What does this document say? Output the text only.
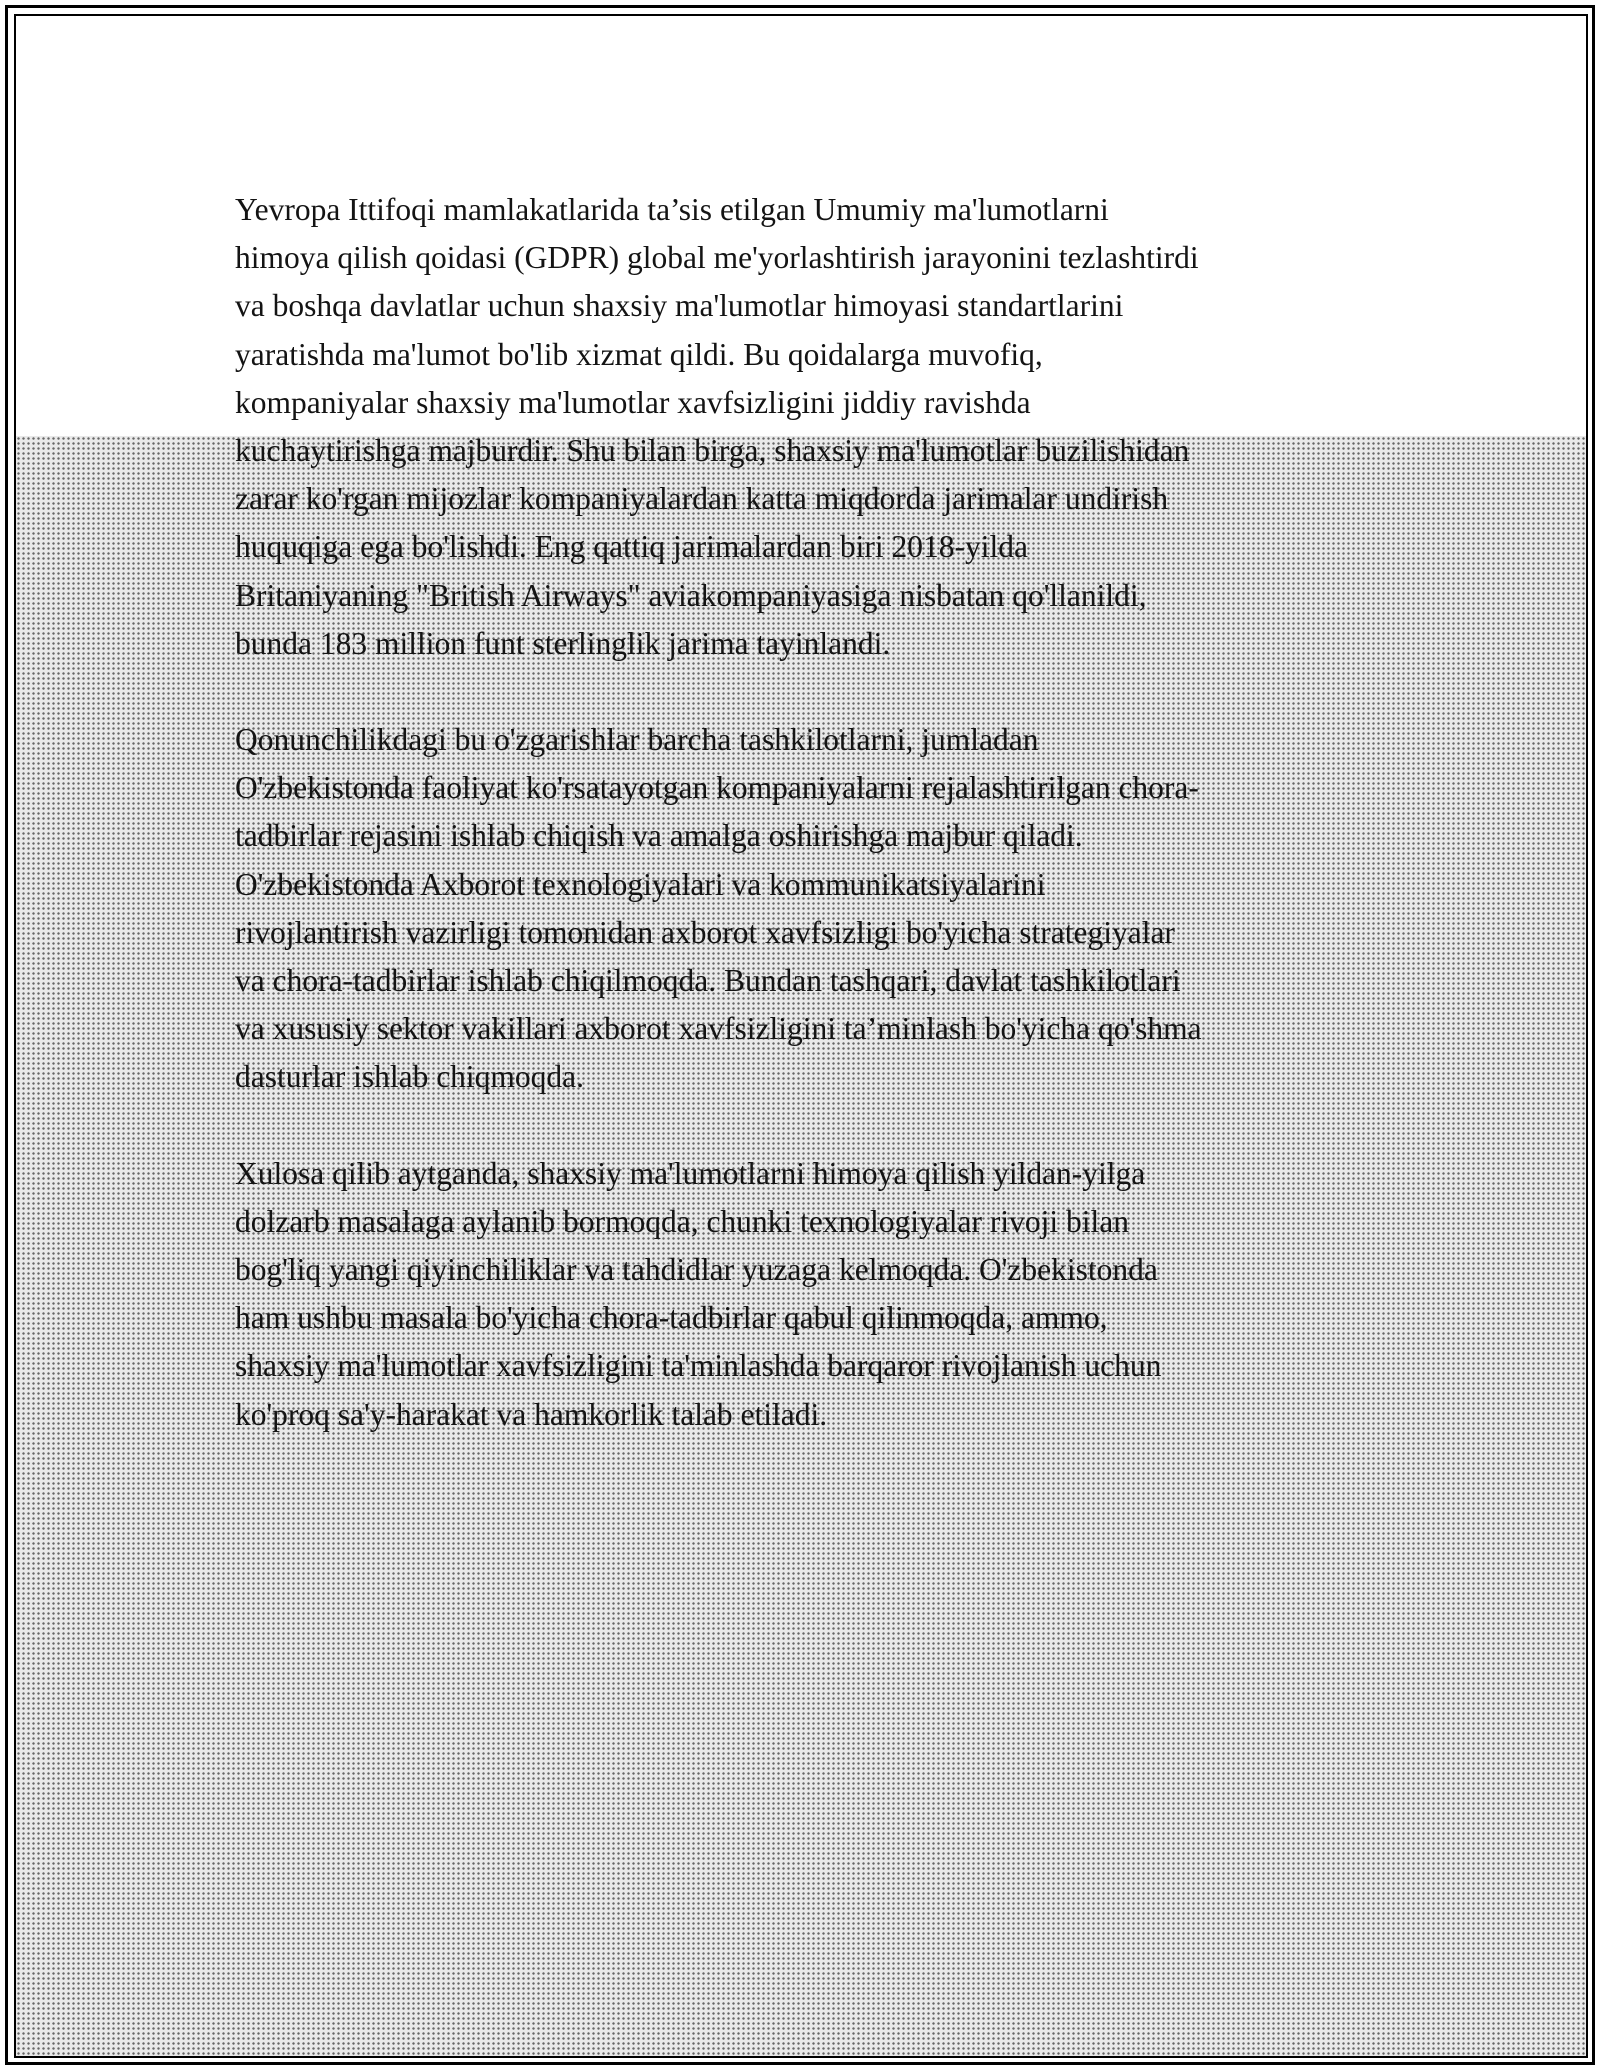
Yevropa Ittifoqi mamlakatlarida ta’sis etilgan Umumiy ma'lumotlarni
himoya qilish qoidasi (GDPR) global me'yorlashtirish jarayonini tezlashtirdi
va boshqa davlatlar uchun shaxsiy ma'lumotlar himoyasi standartlarini
yaratishda ma'lumot bo'lib xizmat qildi. Bu qoidalarga muvofiq,
kompaniyalar shaxsiy ma'lumotlar xavfsizligini jiddiy ravishda
kuchaytirishga majburdir. Shu bilan birga, shaxsiy ma'lumotlar buzilishidan
zarar ko'rgan mijozlar kompaniyalardan katta miqdorda jarimalar undirish
huquqiga ega bo'lishdi. Eng qattiq jarimalardan biri 2018-yilda
Britaniyaning "British Airways" aviakompaniyasiga nisbatan qo'llanildi,
bunda 183 million funt sterlinglik jarima tayinlandi.

Qonunchilikdagi bu o'zgarishlar barcha tashkilotlarni, jumladan
O'zbekistonda faoliyat ko'rsatayotgan kompaniyalarni rejalashtirilgan chora-
tadbirlar rejasini ishlab chiqish va amalga oshirishga majbur qiladi.
O'zbekistonda Axborot texnologiyalari va kommunikatsiyalarini
rivojlantirish vazirligi tomonidan axborot xavfsizligi bo'yicha strategiyalar
va chora-tadbirlar ishlab chiqilmoqda. Bundan tashqari, davlat tashkilotlari
va xususiy sektor vakillari axborot xavfsizligini ta’minlash bo'yicha qo'shma
dasturlar ishlab chiqmoqda.

Xulosa qilib aytganda, shaxsiy ma'lumotlarni himoya qilish yildan-yilga
dolzarb masalaga aylanib bormoqda, chunki texnologiyalar rivoji bilan
bog'liq yangi qiyinchiliklar va tahdidlar yuzaga kelmoqda. O'zbekistonda
ham ushbu masala bo'yicha chora-tadbirlar qabul qilinmoqda, ammo,
shaxsiy ma'lumotlar xavfsizligini ta'minlashda barqaror rivojlanish uchun
ko'proq sa'y-harakat va hamkorlik talab etiladi.
